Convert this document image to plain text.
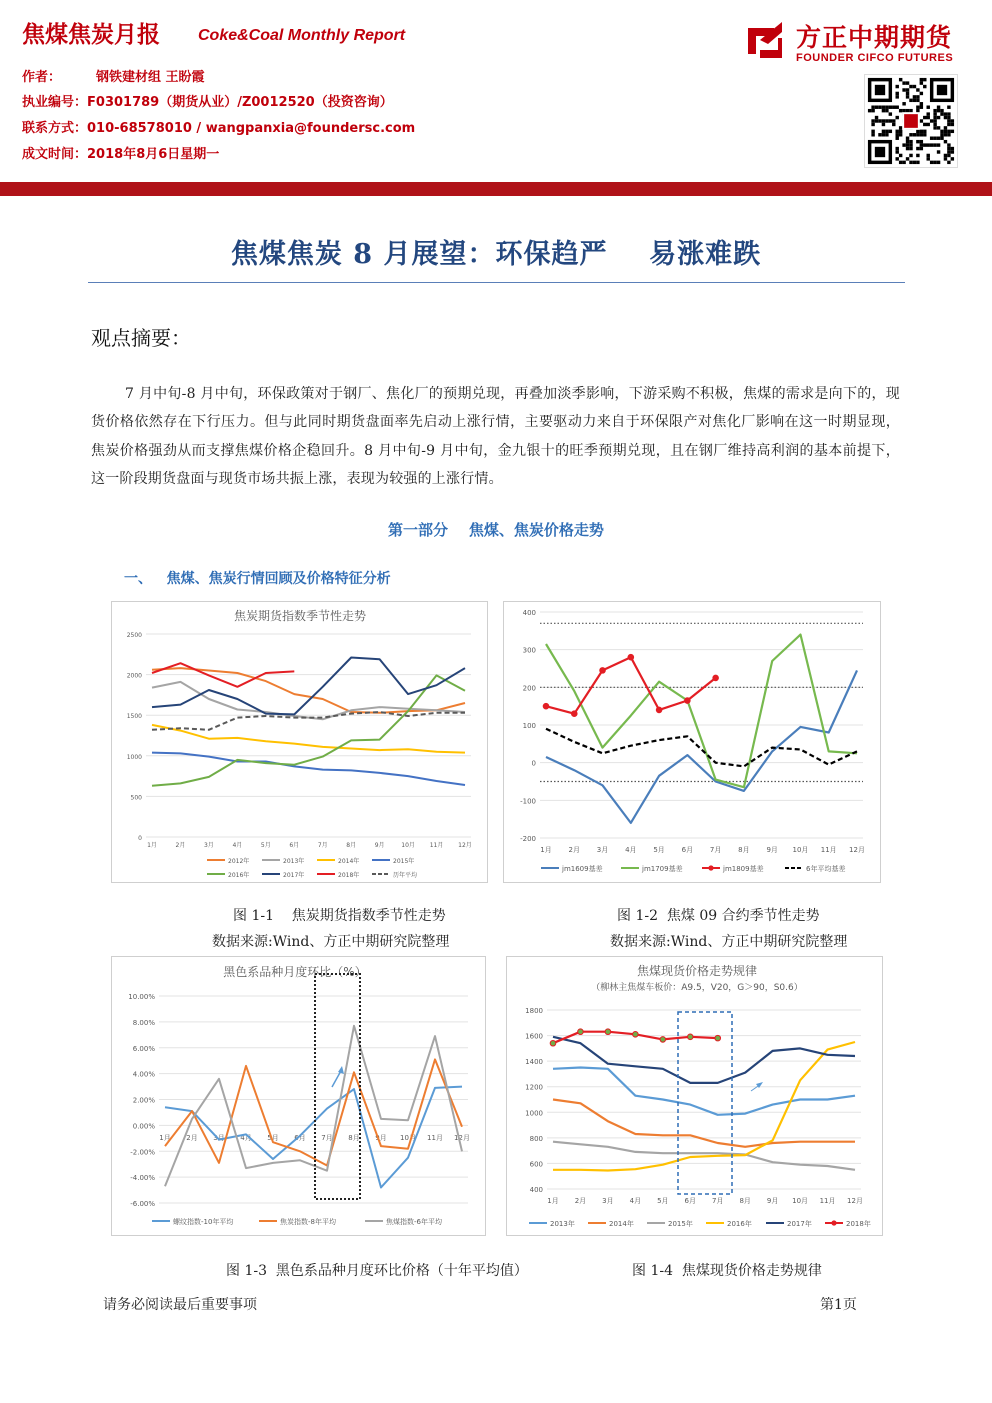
焦煤焦炭月报 Coke&Coal Monthly Report
作者：	钢铁建材组 王盼霞
执业编号：F0301789（期货从业）/Z0012520（投资咨询）
联系方式：010-68578010 / wangpanxia@foundersc.com
成文时间：2018年8月6日星期一
方正中期期货
FOUNDER CIFCO FUTURES
焦煤焦炭 8 月展望：环保趋严    易涨难跌
观点摘要：

7 月中旬-8 月中旬，环保政策对于钢厂、焦化厂的预期兑现，再叠加淡季影响，下游采购不积极，焦煤的需求是向下的，现货价格依然存在下行压力。但与此同时期货盘面率先启动上涨行情，主要驱动力来自于环保限产对焦化厂影响在这一时期显现，焦炭价格强劲从而支撑焦煤价格企稳回升。8 月中旬-9 月中旬，金九银十的旺季预期兑现，且在钢厂维持高利润的基本前提下，这一阶段期货盘面与现货市场共振上涨，表现为较强的上涨行情。

第一部分    焦煤、焦炭价格走势
一、   焦煤、焦炭行情回顾及价格特征分析
焦炭期货指数季节性走势
0
500
1000
1500
2000
2500
1月	2月	3月	4月	5月	6月	7月	8月	9月	10月 11月 12月
2012年	2013年	2014年	2015年
2016年	2017年	2018年	历年平均
-200
-100
0
100
200
300
400
1月 2月 3月 4月 5月 6月 7月 8月 9月 10月 11月 12月
jm1609基差	jm1709基差	jm1809基差	6年平均基差
图 1-1    焦炭期货指数季节性走势
数据来源:Wind、方正中期研究院整理
图 1-2  焦煤 09 合约季节性走势
数据来源:Wind、方正中期研究院整理
黑色系品种月度环比（%）
-6.00%
-4.00%
-2.00%
0.00%
2.00%
4.00%
6.00%
8.00%
10.00%
1月 2月 3月 4月 5月 6月 7月 8月 9月 10月 11月 12月
螺纹指数-10年平均	焦炭指数-8年平均	焦煤指数-6年平均
焦煤现货价格走势规律
（柳林主焦煤车板价：A9.5，V20，G＞90，S0.6）
400
600
800
1000
1200
1400
1600
1800
1月 2月 3月 4月 5月 6月 7月 8月 9月 10月 11月 12月
2013年	2014年	2015年	2016年	2017年	2018年
图 1-3  黑色系品种月度环比价格（十年平均值）	图 1-4  焦煤现货价格走势规律
请务必阅读最后重要事项	第1页
